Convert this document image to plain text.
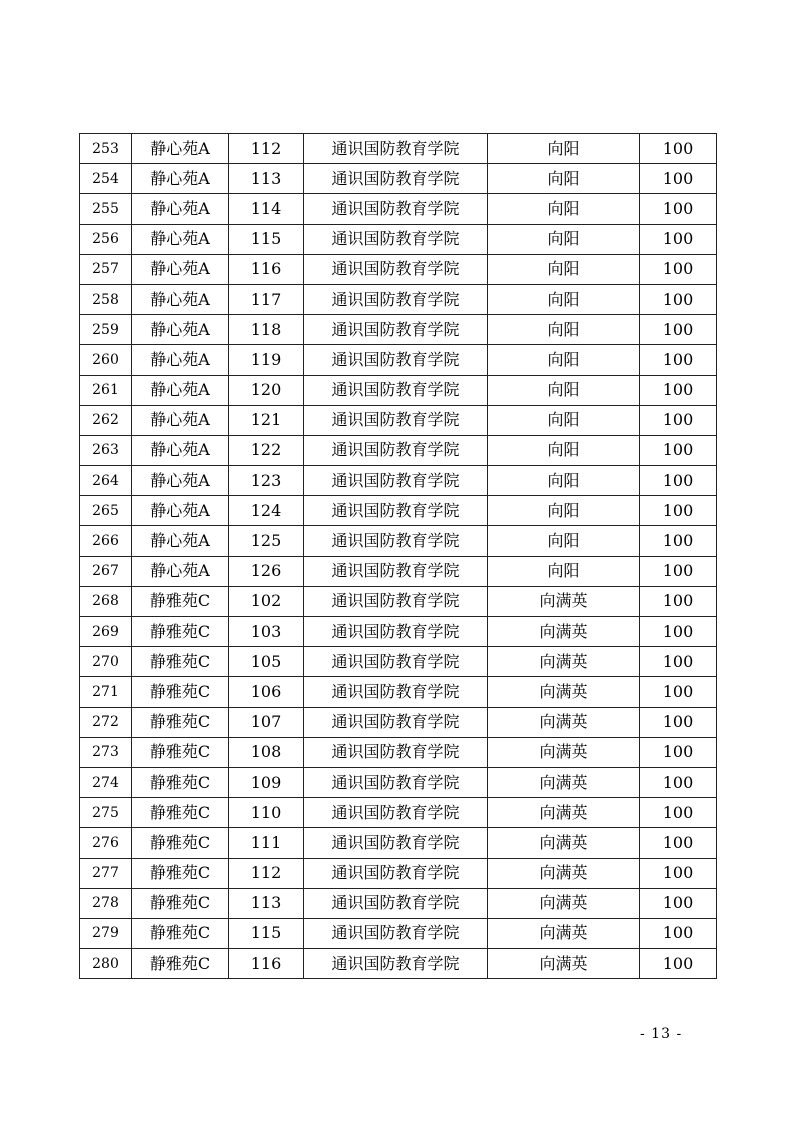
253	静心苑A	112	通识国防教育学院	向阳	100
254	静心苑A	113	通识国防教育学院	向阳	100
255	静心苑A	114	通识国防教育学院	向阳	100
256	静心苑A	115	通识国防教育学院	向阳	100
257	静心苑A	116	通识国防教育学院	向阳	100
258	静心苑A	117	通识国防教育学院	向阳	100
259	静心苑A	118	通识国防教育学院	向阳	100
260	静心苑A	119	通识国防教育学院	向阳	100
261	静心苑A	120	通识国防教育学院	向阳	100
262	静心苑A	121	通识国防教育学院	向阳	100
263	静心苑A	122	通识国防教育学院	向阳	100
264	静心苑A	123	通识国防教育学院	向阳	100
265	静心苑A	124	通识国防教育学院	向阳	100
266	静心苑A	125	通识国防教育学院	向阳	100
267	静心苑A	126	通识国防教育学院	向阳	100
268	静雅苑C	102	通识国防教育学院	向满英	100
269	静雅苑C	103	通识国防教育学院	向满英	100
270	静雅苑C	105	通识国防教育学院	向满英	100
271	静雅苑C	106	通识国防教育学院	向满英	100
272	静雅苑C	107	通识国防教育学院	向满英	100
273	静雅苑C	108	通识国防教育学院	向满英	100
274	静雅苑C	109	通识国防教育学院	向满英	100
275	静雅苑C	110	通识国防教育学院	向满英	100
276	静雅苑C	111	通识国防教育学院	向满英	100
277	静雅苑C	112	通识国防教育学院	向满英	100
278	静雅苑C	113	通识国防教育学院	向满英	100
279	静雅苑C	115	通识国防教育学院	向满英	100
280	静雅苑C	116	通识国防教育学院	向满英	100
- 13 -
